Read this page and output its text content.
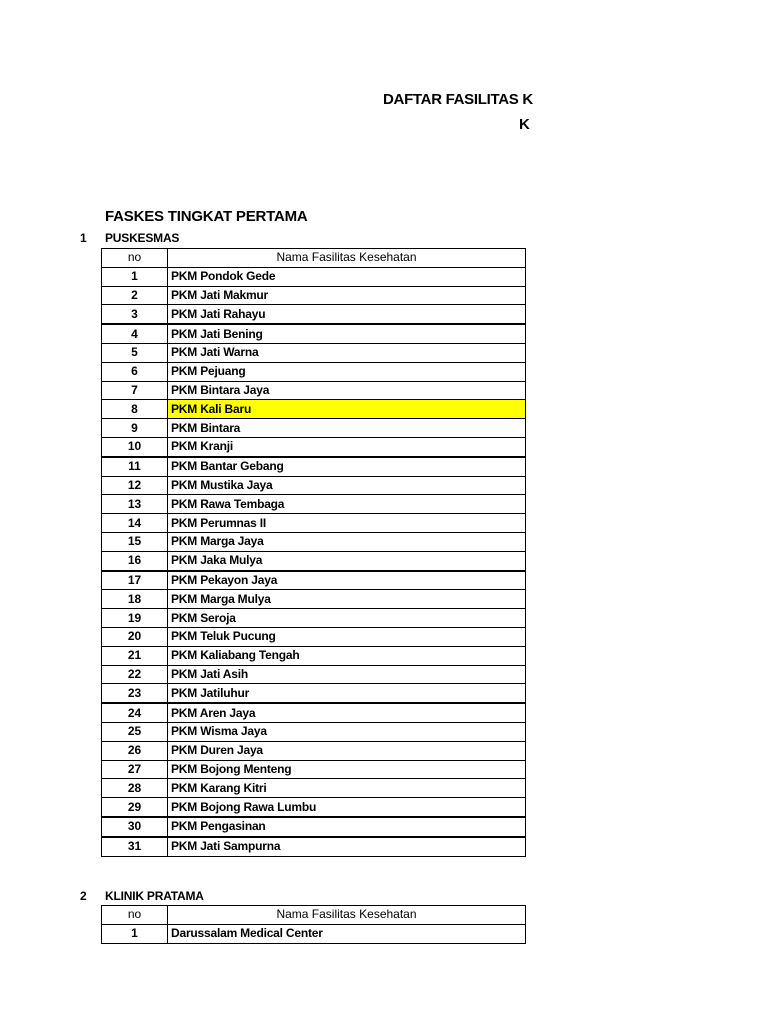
DAFTAR FASILITAS K
K
FASKES TINGKAT PERTAMA
1 PUSKESMAS
no	Nama Fasilitas Kesehatan
1	PKM Pondok Gede
2	PKM Jati Makmur
3	PKM Jati Rahayu
4	PKM Jati Bening
5	PKM Jati Warna
6	PKM Pejuang
7	PKM Bintara Jaya
8	PKM Kali Baru
9	PKM Bintara
10	PKM Kranji
11	PKM Bantar Gebang
12	PKM Mustika Jaya
13	PKM Rawa Tembaga
14	PKM Perumnas II
15	PKM Marga Jaya
16	PKM Jaka Mulya
17	PKM Pekayon Jaya
18	PKM Marga Mulya
19	PKM Seroja
20	PKM Teluk Pucung
21	PKM Kaliabang Tengah
22	PKM Jati Asih
23	PKM Jatiluhur
24	PKM Aren Jaya
25	PKM Wisma Jaya
26	PKM Duren Jaya
27	PKM Bojong Menteng
28	PKM Karang Kitri
29	PKM Bojong Rawa Lumbu
30	PKM Pengasinan
31	PKM Jati Sampurna
2 KLINIK PRATAMA
no	Nama Fasilitas Kesehatan
1	Darussalam Medical Center
